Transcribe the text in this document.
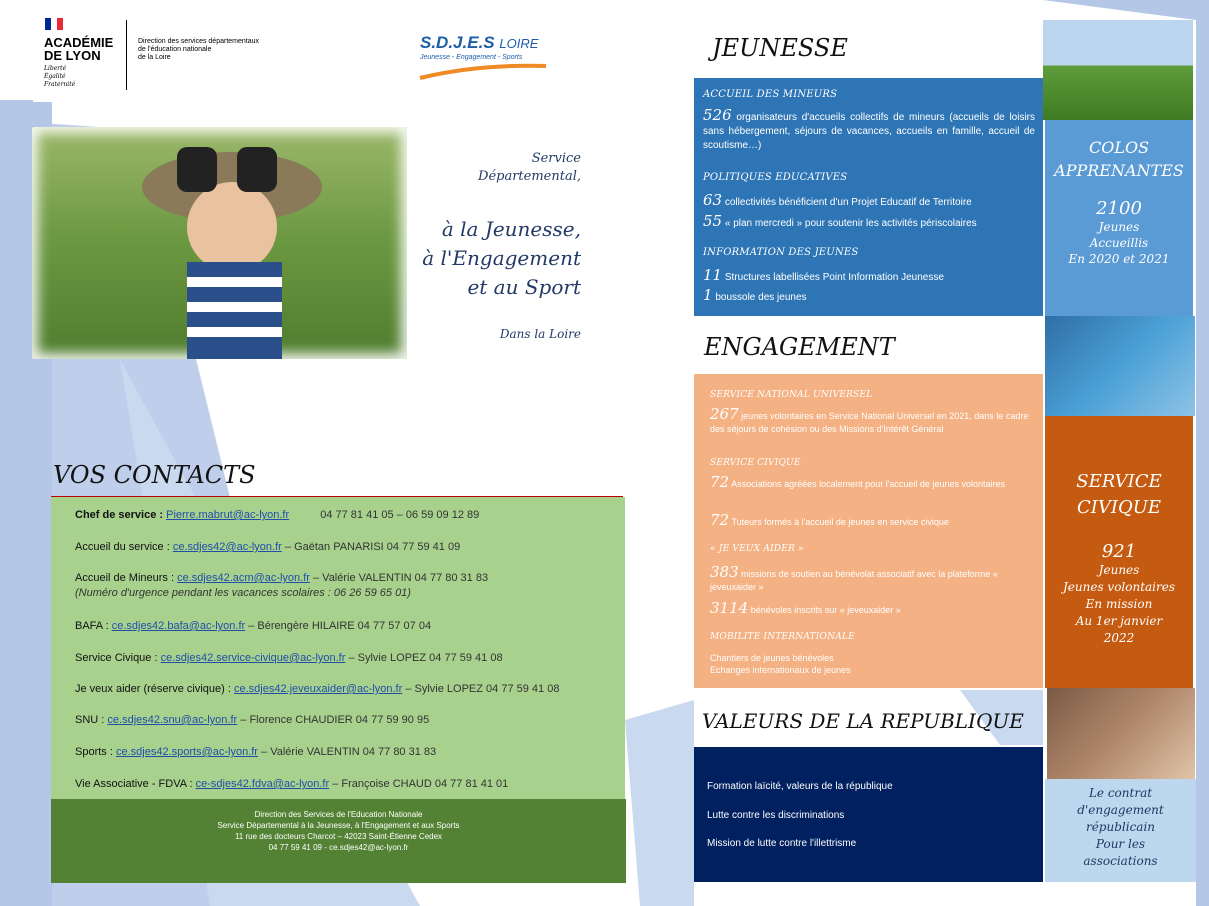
ACADÉMIE
DE LYON
Liberté
Égalité
Fraternité
Direction des services départementaux
de l'éducation nationale
de la Loire
S.D.J.E.S LOIRE
Jeunesse - Engagement - Sports
Service
Départemental,
à la Jeunesse,
à l'Engagement
et au Sport
Dans la Loire
JEUNESSE
ACCUEIL DES MINEURS
526 organisateurs d'accueils collectifs de mineurs (accueils de loisirs sans hébergement, séjours de vacances, accueils en famille, accueil de scoutisme…)
POLITIQUES EDUCATIVES
63 collectivités bénéficient d'un Projet Educatif de Territoire
55 « plan mercredi » pour soutenir les activités périscolaires
INFORMATION DES JEUNES
11 Structures labellisées Point Information Jeunesse
1 boussole des jeunes
COLOS
APPRENANTES
2100
Jeunes
Accueillis
En 2020 et 2021
ENGAGEMENT
SERVICE NATIONAL UNIVERSEL
267 jeunes volontaires en Service National Universel en 2021, dans le cadre des séjours de cohésion ou des Missions d'Intérêt Général
SERVICE CIVIQUE
72 Associations agréées localement pour l'accueil de jeunes volontaires
72 Tuteurs formés à l'accueil de jeunes en service civique
« JE VEUX AIDER »
383 missions de soutien au bénévolat associatif avec la plateforme « jeveuxaider »
3114 bénévoles inscrits sur « jeveuxaider »
MOBILITE INTERNATIONALE
Chantiers de jeunes bénévoles
Echanges internationaux de jeunes
SERVICE
CIVIQUE
921
Jeunes
Jeunes volontaires
En mission
Au 1er janvier
2022
VALEURS DE LA REPUBLIQUE
Formation laïcité, valeurs de la république
Lutte contre les discriminations
Mission de lutte contre l'illettrisme
Le contrat
d'engagement
républicain
Pour les
associations
VOS CONTACTS
Chef de service : Pierre.mabrut@ac-lyon.fr	04 77 81 41 05 – 06 59 09 12 89
Accueil du service : ce.sdjes42@ac-lyon.fr – Gaëtan PANARISI 04 77 59 41 09
Accueil de Mineurs : ce.sdjes42.acm@ac-lyon.fr – Valérie VALENTIN 04 77 80 31 83
(Numéro d'urgence pendant les vacances scolaires : 06 26 59 65 01)
BAFA : ce.sdjes42.bafa@ac-lyon.fr – Bérengère HILAIRE 04 77 57 07 04
Service Civique : ce.sdjes42.service-civique@ac-lyon.fr – Sylvie LOPEZ 04 77 59 41 08
Je veux aider (réserve civique) : ce.sdjes42.jeveuxaider@ac-lyon.fr – Sylvie LOPEZ 04 77 59 41 08
SNU : ce.sdjes42.snu@ac-lyon.fr – Florence CHAUDIER 04 77 59 90 95
Sports : ce.sdjes42.sports@ac-lyon.fr – Valérie VALENTIN 04 77 80 31 83
Vie Associative - FDVA : ce-sdjes42.fdva@ac-lyon.fr – Françoise CHAUD 04 77 81 41 01
Direction des Services de l'Education Nationale
Service Départemental à la Jeunesse, à l'Engagement et aux Sports
11 rue des docteurs Charcot – 42023 Saint-Étienne Cedex
04 77 59 41 09 - ce.sdjes42@ac-lyon.fr
